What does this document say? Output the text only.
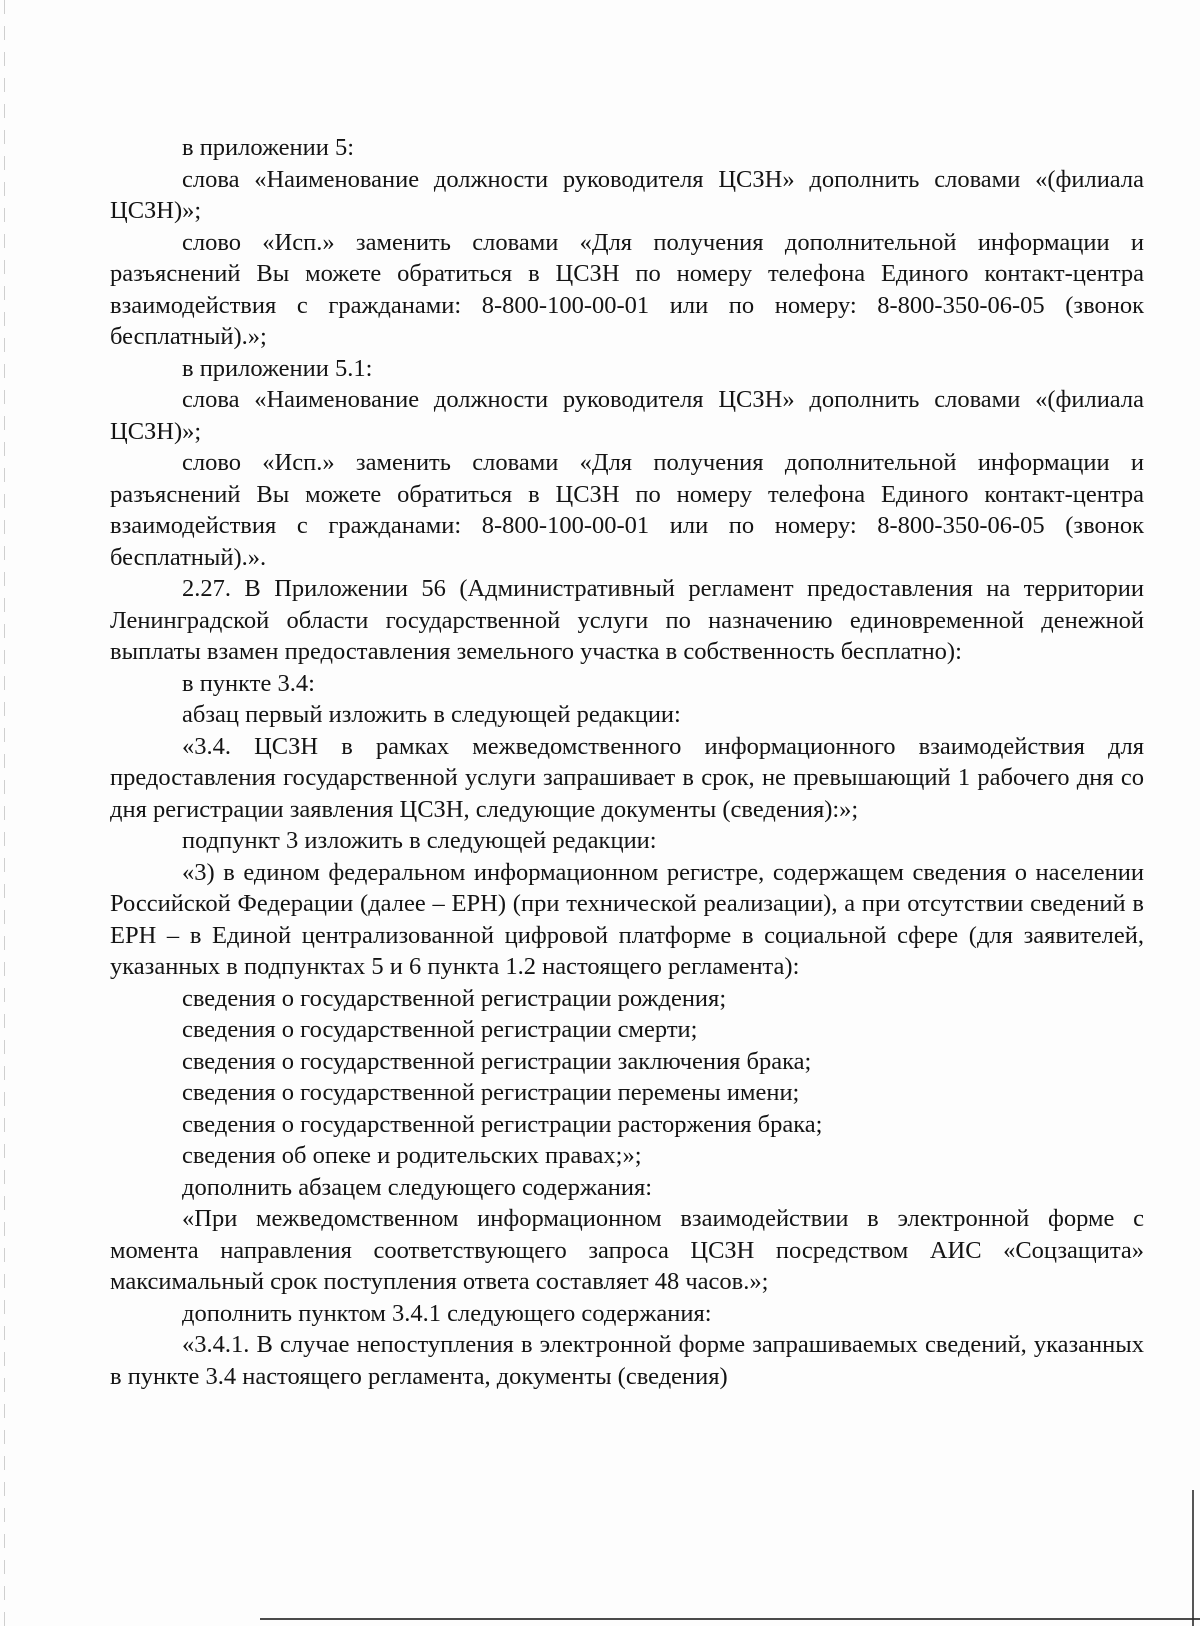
в приложении 5:

слова «Наименование должности руководителя ЦСЗН» дополнить словами «(филиала ЦСЗН)»;

слово «Исп.» заменить словами «Для получения дополнительной информации и разъяснений Вы можете обратиться в ЦСЗН по номеру телефона Единого контакт-центра взаимодействия с гражданами: 8-800-100-00-01 или по номеру: 8-800-350-06-05 (звонок бесплатный).»;

в приложении 5.1:

слова «Наименование должности руководителя ЦСЗН» дополнить словами «(филиала ЦСЗН)»;

слово «Исп.» заменить словами «Для получения дополнительной информации и разъяснений Вы можете обратиться в ЦСЗН по номеру телефона Единого контакт-центра взаимодействия с гражданами: 8-800-100-00-01 или по номеру: 8-800-350-06-05 (звонок бесплатный).».

2.27. В Приложении 56 (Административный регламент предоставления на территории Ленинградской области государственной услуги по назначению единовременной денежной выплаты взамен предоставления земельного участка в собственность бесплатно):

в пункте 3.4:

абзац первый изложить в следующей редакции:

«3.4. ЦСЗН в рамках межведомственного информационного взаимодействия для предоставления государственной услуги запрашивает в срок, не превышающий 1 рабочего дня со дня регистрации заявления ЦСЗН, следующие документы (сведения):»;

подпункт 3 изложить в следующей редакции:

«3) в едином федеральном информационном регистре, содержащем сведения о населении Российской Федерации (далее – ЕРН) (при технической реализации), а при отсутствии сведений в ЕРН – в Единой централизованной цифровой платформе в социальной сфере (для заявителей, указанных в подпунктах 5 и 6 пункта 1.2 настоящего регламента):

сведения о государственной регистрации рождения;

сведения о государственной регистрации смерти;

сведения о государственной регистрации заключения брака;

сведения о государственной регистрации перемены имени;

сведения о государственной регистрации расторжения брака;

сведения об опеке и родительских правах;»;

дополнить абзацем следующего содержания:

«При межведомственном информационном взаимодействии в электронной форме с момента направления соответствующего запроса ЦСЗН посредством АИС «Соцзащита» максимальный срок поступления ответа составляет 48 часов.»;

дополнить пунктом 3.4.1 следующего содержания:

«3.4.1. В случае непоступления в электронной форме запрашиваемых сведений, указанных в пункте 3.4 настоящего регламента, документы (сведения)
